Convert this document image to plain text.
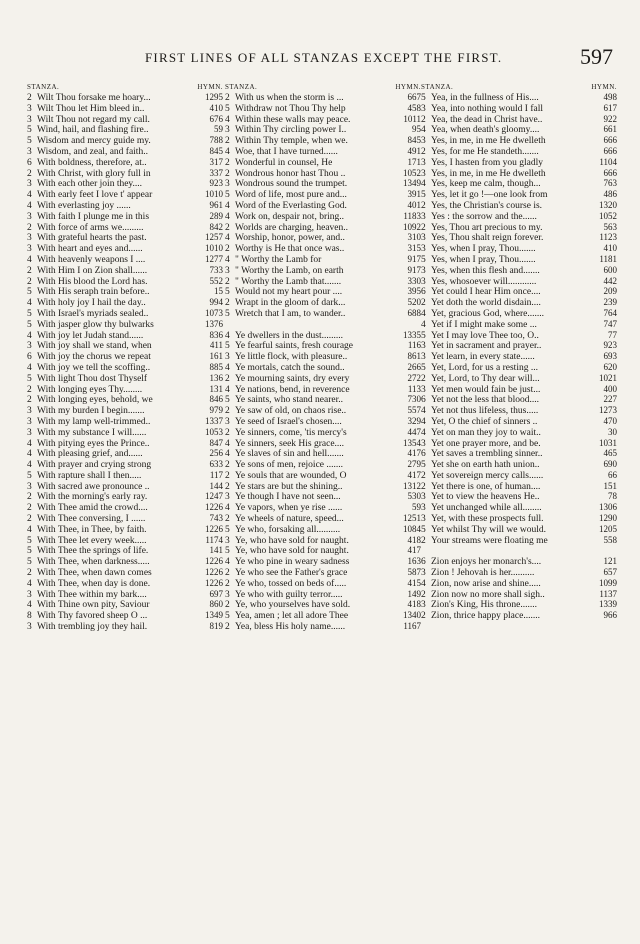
FIRST LINES OF ALL STANZAS EXCEPT THE FIRST.	597
STANZA.	HYMN.
2 Wilt Thou forsake me hoary...	1295
3 Wilt Thou let Him bleed in..	410
3 Wilt Thou not regard my call.	676
5 Wind, hail, and flashing fire..	59
5 Wisdom and mercy guide my.	788
3 Wisdom, and zeal, and faith..	845
6 With boldness, therefore, at..	317
2 With Christ, with glory full in	337
3 With each other join they....	923
4 With early feet I love t' appear	1010
4 With everlasting joy ......	961
3 With faith I plunge me in this	289
2 With force of arms we.........	842
3 With grateful hearts the past.	1257
3 With heart and eyes and......	1010
4 With heavenly weapons I ....	1277
2 With Him I on Zion shall......	733
2 With His blood the Lord has.	552
5 With His seraph train before..	15
4 With holy joy I hail the day..	994
5 With Israel's myriads sealed..	1073
5 With jasper glow thy bulwarks	1376
4 With joy let Judah stand......	836
3 With joy shall we stand, when	411
6 With joy the chorus we repeat	161
4 With joy we tell the scoffing..	885
5 With light Thou dost Thyself	136
2 With longing eyes Thy........	131
2 With longing eyes, behold, we	846
3 With my burden I begin.......	979
3 With my lamp well-trimmed..	1337
3 With my substance I will......	1053
4 With pitying eyes the Prince..	847
4 With pleasing grief, and......	256
4 With prayer and crying strong	633
5 With rapture shall I then.....	117
3 With sacred awe pronounce ..	144
2 With the morning's early ray.	1247
2 With Thee amid the crowd....	1226
2 With Thee conversing, I ......	743
4 With Thee, in Thee, by faith.	1226
5 With Thee let every week.....	1174
5 With Thee the springs of life.	141
5 With Thee, when darkness.....	1226
2 With Thee, when dawn comes	1226
4 With Thee, when day is done.	1226
3 With Thee within my bark....	697
4 With Thine own pity, Saviour	860
8 With Thy favored sheep O ...	1349
3 With trembling joy they hail.	819
STANZA.	HYMN.
2 With us when the storm is ...	667
5 Withdraw not Thou Thy help	458
4 Within these walls may peace.	1011
3 Within Thy circling power I..	95
2 Within Thy temple, when we.	845
4 Woe, that I have turned......	491
2 Wonderful in counsel, He	171
2 Wondrous honor hast Thou ..	1052
3 Wondrous sound the trumpet.	1349
5 Word of life, most pure and...	391
4 Word of the Everlasting God.	401
4 Work on, despair not, bring..	1183
2 Worlds are charging, heaven..	1092
4 Worship, honor, power, and..	310
2 Worthy is He that once was..	315
4 " Worthy the Lamb for	917
3 " Worthy the Lamb, on earth	917
2 " Worthy the Lamb that.......	330
5 Would not my heart pour ....	395
2 Wrapt in the gloom of dark...	520
5 Wretch that I am, to wander..	688
4 Ye dwellers in the dust.........	1335
5 Ye fearful saints, fresh courage	116
3 Ye little flock, with pleasure..	861
4 Ye mortals, catch the sound..	266
2 Ye mourning saints, dry every	272
4 Ye nations, bend, in reverence	113
5 Ye saints, who stand nearer..	730
2 Ye saw of old, on chaos rise..	557
3 Ye seed of Israel's chosen....	329
2 Ye sinners, come, 'tis mercy's	447
4 Ye sinners, seek His grace....	1354
4 Ye slaves of sin and hell.......	417
2 Ye sons of men, rejoice .......	279
2 Ye souls that are wounded, O	417
2 Ye stars are but the shining..	1312
3 Ye though I have not seen...	530
4 Ye vapors, when ye rise ......	59
2 Ye wheels of nature, speed...	1251
5 Ye who, forsaking all..........	1084
3 Ye, who have sold for naught.	418
5 Ye, who have sold for naught.	417
4 Ye who pine in weary sadness	163
2 Ye who see the Father's grace	587
2 Ye who, tossed on beds of.....	415
3 Ye who with guilty terror.....	149
2 Ye, who yourselves have sold.	418
5 Yea, amen ; let all adore Thee	1340
2 Yea, bless His holy name......	1167
STANZA.	HYMN.
5 Yea, in the fullness of His....	498
3 Yea, into nothing would I fall	617
2 Yea, the dead in Christ have..	922
4 Yea, when death's gloomy....	661
3 Yes, in me, in me He dwelleth	666
2 Yes, for me He standeth.......	666
3 Yes, I hasten from you gladly	1104
3 Yes, in me, in me He dwelleth	666
4 Yes, keep me calm, though...	763
5 Yes, let it go !—one look from	486
2 Yes, the Christian's course is.	1320
3 Yes : the sorrow and the......	1052
2 Yes, Thou art precious to my.	563
3 Yes, Thou shalt reign forever.	1123
3 Yes, when I pray, Thou.......	410
5 Yes, when I pray, Thou.......	1181
3 Yes, when this flesh and.......	600
3 Yes, whosoever will............	442
6 Yet could I hear Him once....	209
2 Yet doth the world disdain....	239
4 Yet, gracious God, where.......	764
4 Yet if I might make some ...	747
5 Yet I may love Thee too, O..	77
3 Yet in sacrament and prayer..	923
3 Yet learn, in every state......	693
5 Yet, Lord, for us a resting ...	620
2 Yet, Lord, to Thy dear will...	1021
3 Yet men would fain be just...	400
6 Yet not the less that blood....	227
4 Yet not thus lifeless, thus.....	1273
4 Yet, O the chief of sinners ..	470
4 Yet on man they joy to wait..	30
3 Yet one prayer more, and be.	1031
6 Yet saves a trembling sinner..	465
5 Yet she on earth hath union..	690
2 Yet sovereign mercy calls......	66
2 Yet there is one, of human....	151
3 Yet to view the heavens He..	78
3 Yet unchanged while all........	1306
3 Yet, with these prospects full.	1290
5 Yet whilst Thy will we would.	1205
2 Your streams were floating me	558
6 Zion enjoys her monarch's....	121
3 Zion ! Jehovah is her..........	657
4 Zion, now arise and shine.....	1099
2 Zion now no more shall sigh..	1137
3 Zion's King, His throne.......	1339
2 Zion, thrice happy place.......	966
